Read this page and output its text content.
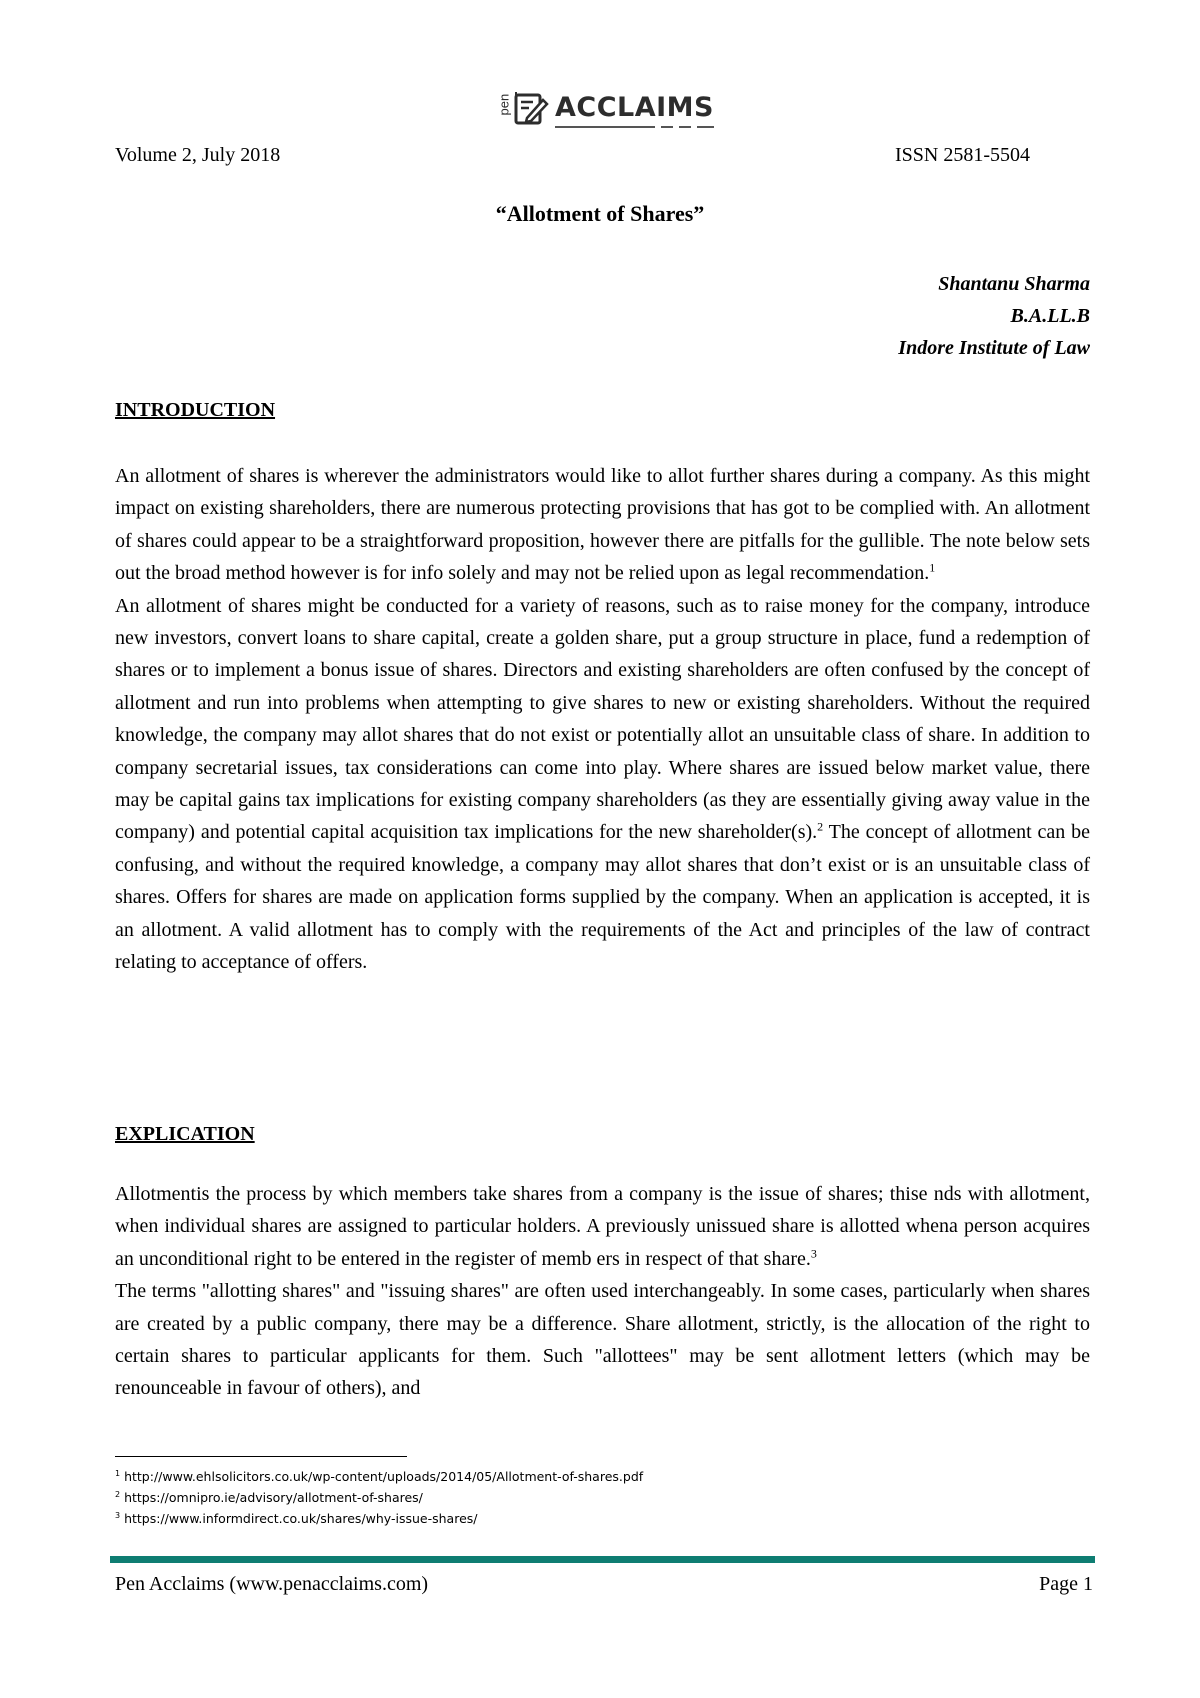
pen ACCLAIMS
Volume 2, July 2018	ISSN 2581-5504
“Allotment of Shares”
Shantanu Sharma
B.A.LL.B
Indore Institute of Law
INTRODUCTION

An allotment of shares is wherever the administrators would like to allot further shares during a company. As this might impact on existing shareholders, there are numerous protecting provisions that has got to be complied with. An allotment of shares could appear to be a straightforward proposition, however there are pitfalls for the gullible. The note below sets out the broad method however is for info solely and may not be relied upon as legal recommendation.$^1$

An allotment of shares might be conducted for a variety of reasons, such as to raise money for the company, introduce new investors, convert loans to share capital, create a golden share, put a group structure in place, fund a redemption of shares or to implement a bonus issue of shares. Directors and existing shareholders are often confused by the concept of allotment and run into problems when attempting to give shares to new or existing shareholders. Without the required knowledge, the company may allot shares that do not exist or potentially allot an unsuitable class of share. In addition to company secretarial issues, tax considerations can come into play. Where shares are issued below market value, there may be capital gains tax implications for existing company shareholders (as they are essentially giving away value in the company) and potential capital acquisition tax implications for the new shareholder(s).$^2$ The concept of allotment can be confusing, and without the required knowledge, a company may allot shares that don’t exist or is an unsuitable class of shares. Offers for shares are made on application forms supplied by the company. When an application is accepted, it is an allotment. A valid allotment has to comply with the requirements of the Act and principles of the law of contract relating to acceptance of offers.

EXPLICATION

Allotmentis the process by which members take shares from a company is the issue of shares; thise nds with allotment, when individual shares are assigned to particular holders. A previously unissued share is allotted whena person acquires an unconditional right to be entered in the register of memb ers in respect of that share.$^3$

The terms "allotting shares" and "issuing shares" are often used interchangeably. In some cases, particularly when shares are created by a public company, there may be a difference. Share allotment, strictly, is the allocation of the right to certain shares to particular applicants for them. Such "allottees" may be sent allotment letters (which may be renounceable in favour of others), and

$^1$ http://www.ehlsolicitors.co.uk/wp-content/uploads/2014/05/Allotment-of-shares.pdf
$^2$ https://omnipro.ie/advisory/allotment-of-shares/
$^3$ https://www.informdirect.co.uk/shares/why-issue-shares/
Pen Acclaims (www.penacclaims.com)	Page 1
